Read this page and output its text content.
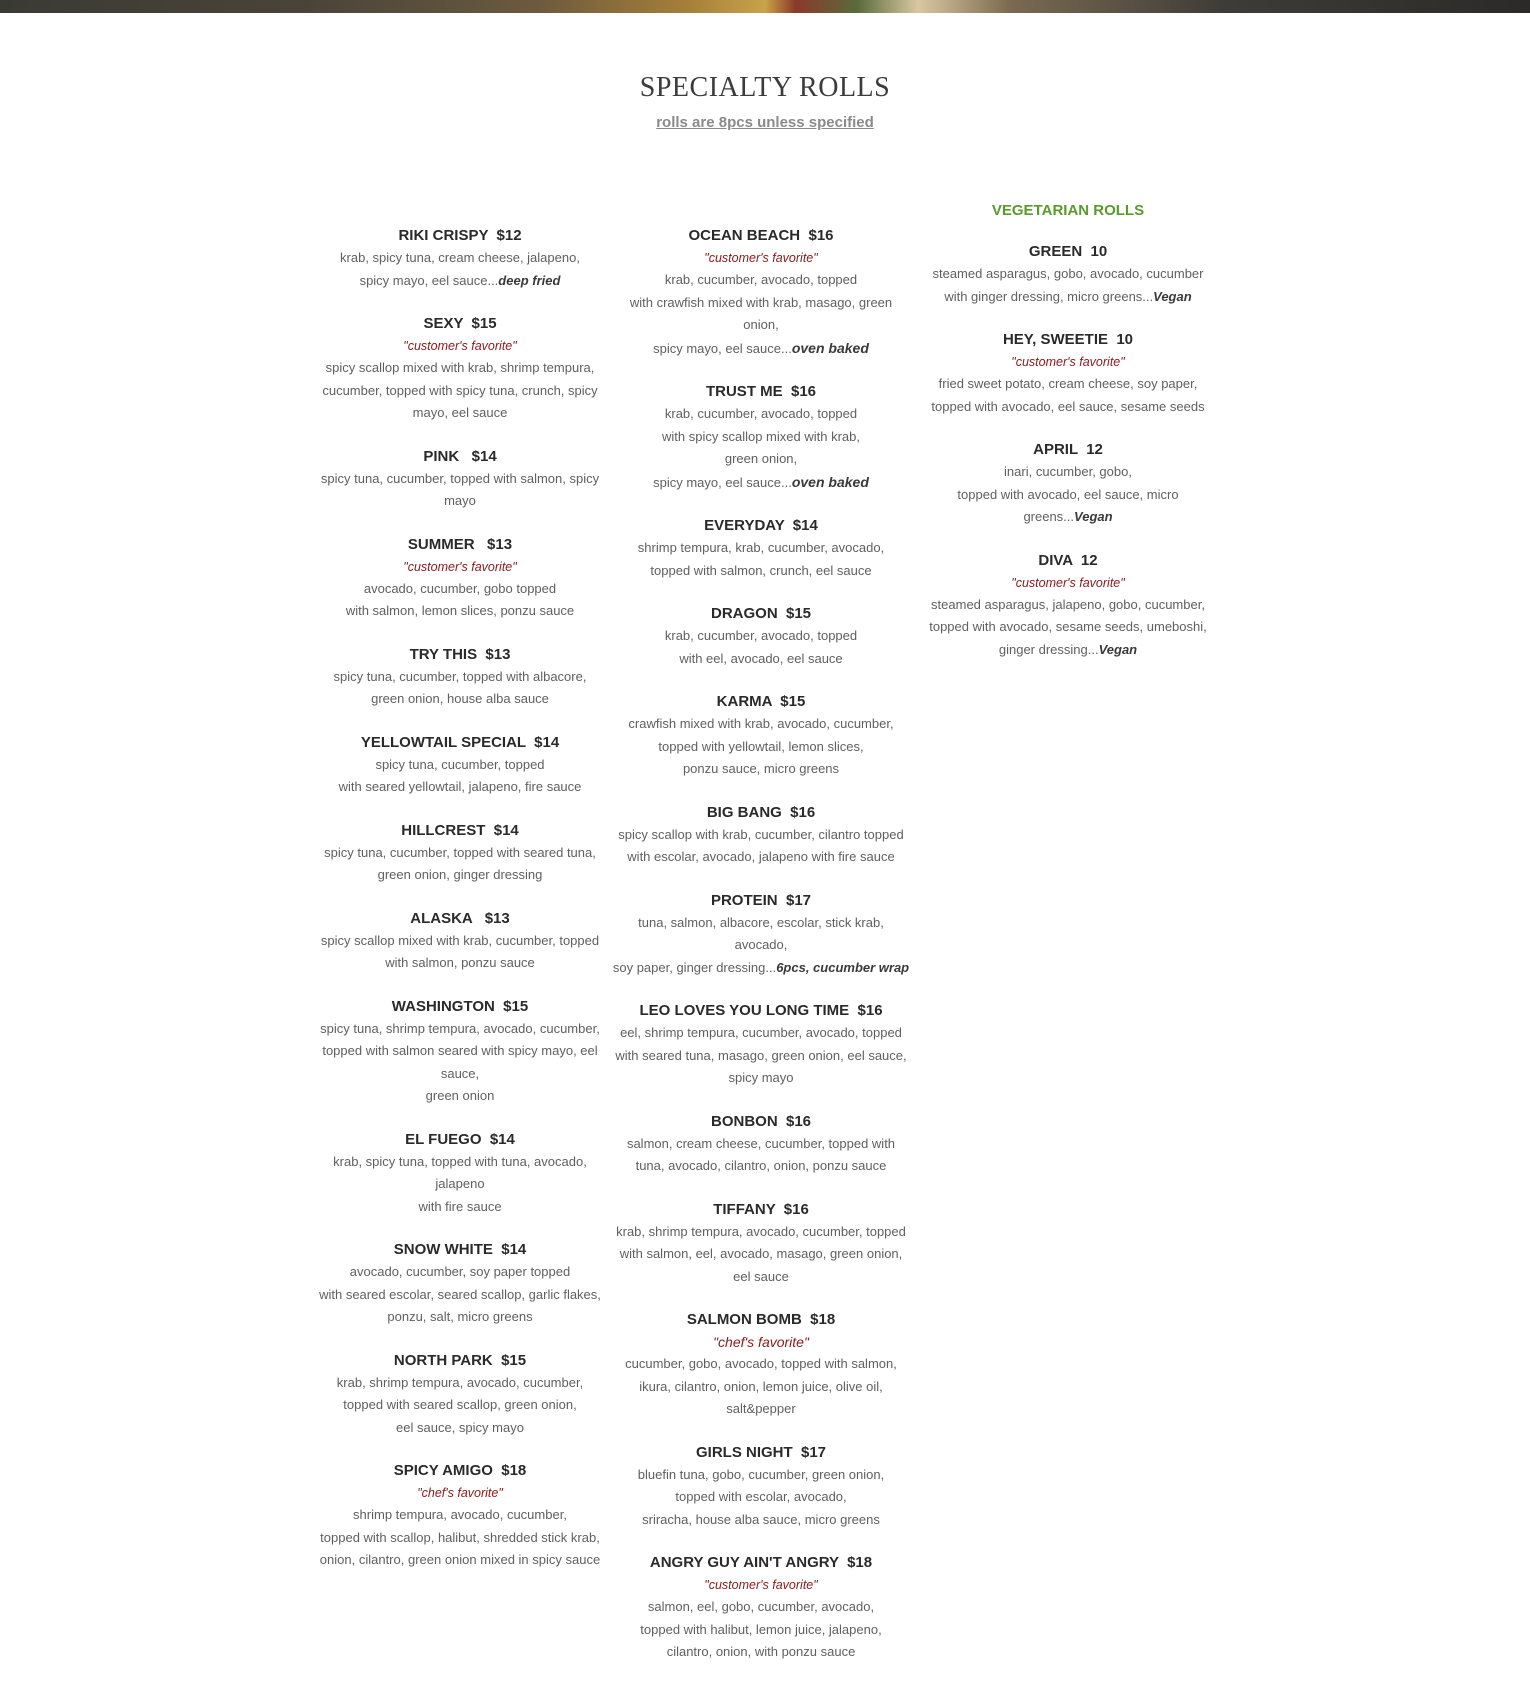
SPECIALTY ROLLS
rolls are 8pcs unless specified
RIKI CRISPY  $12
krab, spicy tuna, cream cheese, jalapeno,
spicy mayo, eel sauce...deep fried
SEXY  $15
"customer's favorite"
spicy scallop mixed with krab, shrimp tempura,
cucumber, topped with spicy tuna, crunch, spicy
mayo, eel sauce
PINK   $14
spicy tuna, cucumber, topped with salmon, spicy
mayo
SUMMER   $13
"customer's favorite"
avocado, cucumber, gobo topped
with salmon, lemon slices, ponzu sauce
TRY THIS  $13
spicy tuna, cucumber, topped with albacore,
green onion, house alba sauce
YELLOWTAIL SPECIAL  $14
spicy tuna, cucumber, topped
with seared yellowtail, jalapeno, fire sauce
HILLCREST  $14
spicy tuna, cucumber, topped with seared tuna,
green onion, ginger dressing
ALASKA   $13
spicy scallop mixed with krab, cucumber, topped
with salmon, ponzu sauce
WASHINGTON  $15
spicy tuna, shrimp tempura, avocado, cucumber,
topped with salmon seared with spicy mayo, eel
sauce,
green onion
EL FUEGO  $14
krab, spicy tuna, topped with tuna, avocado,
jalapeno
with fire sauce
SNOW WHITE  $14
avocado, cucumber, soy paper topped
with seared escolar, seared scallop, garlic flakes,
ponzu, salt, micro greens
NORTH PARK  $15
krab, shrimp tempura, avocado, cucumber,
topped with seared scallop, green onion,
eel sauce, spicy mayo
SPICY AMIGO  $18
"chef's favorite"
shrimp tempura, avocado, cucumber,
topped with scallop, halibut, shredded stick krab,
onion, cilantro, green onion mixed in spicy sauce
OCEAN BEACH  $16
"customer's favorite"
krab, cucumber, avocado, topped
with crawfish mixed with krab, masago, green
onion,
spicy mayo, eel sauce...oven baked
TRUST ME  $16
krab, cucumber, avocado, topped
with spicy scallop mixed with krab,
green onion,
spicy mayo, eel sauce...oven baked
EVERYDAY  $14
shrimp tempura, krab, cucumber, avocado,
topped with salmon, crunch, eel sauce
DRAGON  $15
krab, cucumber, avocado, topped
with eel, avocado, eel sauce
KARMA  $15
crawfish mixed with krab, avocado, cucumber,
topped with yellowtail, lemon slices,
ponzu sauce, micro greens
BIG BANG  $16
spicy scallop with krab, cucumber, cilantro topped
with escolar, avocado, jalapeno with fire sauce
PROTEIN  $17
tuna, salmon, albacore, escolar, stick krab,
avocado,
soy paper, ginger dressing...6pcs, cucumber wrap
LEO LOVES YOU LONG TIME  $16
eel, shrimp tempura, cucumber, avocado, topped
with seared tuna, masago, green onion, eel sauce,
spicy mayo
BONBON  $16
salmon, cream cheese, cucumber, topped with
tuna, avocado, cilantro, onion, ponzu sauce
TIFFANY  $16
krab, shrimp tempura, avocado, cucumber, topped
with salmon, eel, avocado, masago, green onion,
eel sauce
SALMON BOMB  $18
"chef's favorite"
cucumber, gobo, avocado, topped with salmon,
ikura, cilantro, onion, lemon juice, olive oil,
salt&pepper
GIRLS NIGHT  $17
bluefin tuna, gobo, cucumber, green onion,
topped with escolar, avocado,
sriracha, house alba sauce, micro greens
ANGRY GUY AIN'T ANGRY  $18
"customer's favorite"
salmon, eel, gobo, cucumber, avocado,
topped with halibut, lemon juice, jalapeno,
cilantro, onion, with ponzu sauce
VEGETARIAN ROLLS
GREEN  10
steamed asparagus, gobo, avocado, cucumber
with ginger dressing, micro greens...Vegan
HEY, SWEETIE  10
"customer's favorite"
fried sweet potato, cream cheese, soy paper,
topped with avocado, eel sauce, sesame seeds
APRIL  12
inari, cucumber, gobo,
topped with avocado, eel sauce, micro greens...Vegan
DIVA  12
"customer's favorite"
steamed asparagus, jalapeno, gobo, cucumber,
topped with avocado, sesame seeds, umeboshi,
ginger dressing...Vegan
